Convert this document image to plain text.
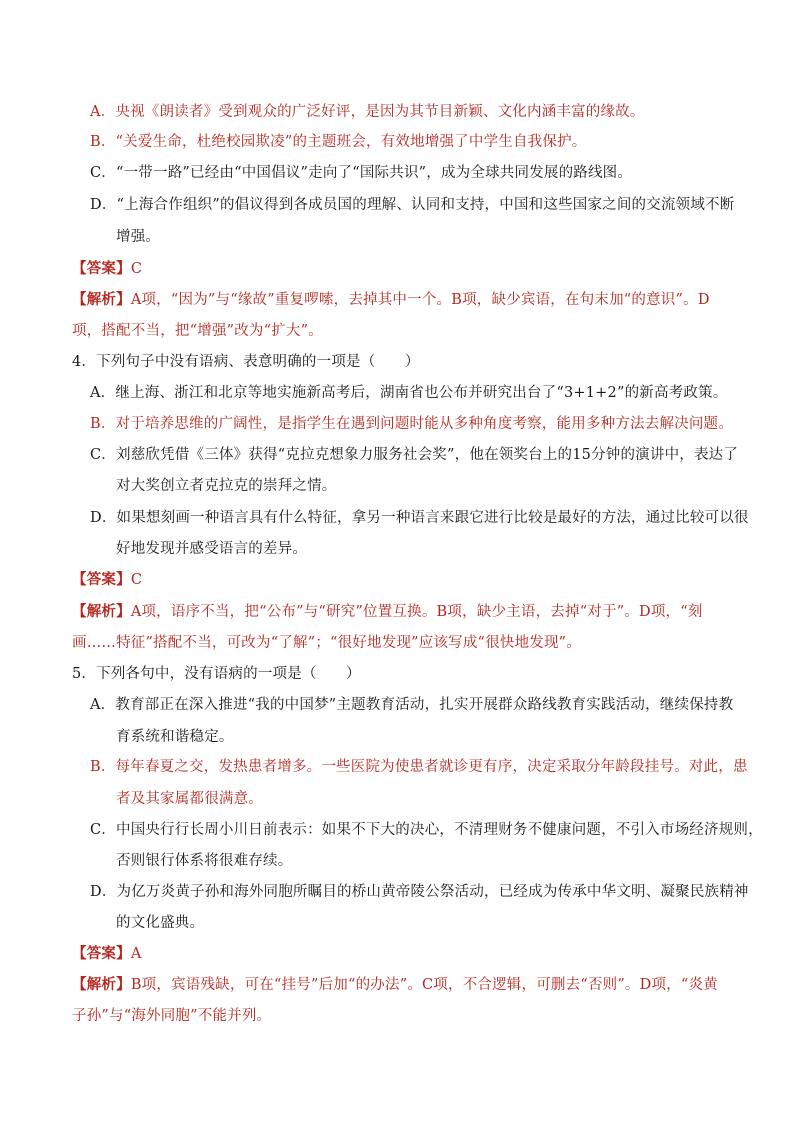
A．央视《朗读者》受到观众的广泛好评，是因为其节目新颖、文化内涵丰富的缘故。
B．“关爱生命，杜绝校园欺凌”的主题班会，有效地增强了中学生自我保护。
C．“一带一路”已经由“中国倡议”走向了“国际共识”，成为全球共同发展的路线图。
D．“上海合作组织”的倡议得到各成员国的理解、认同和支持，中国和这些国家之间的交流领域不断
增强。
【答案】C
【解析】A项，“因为”与“缘故”重复啰嗦，去掉其中一个。B项，缺少宾语，在句末加“的意识”。D
项，搭配不当，把“增强”改为“扩大”。
4．下列句子中没有语病、表意明确的一项是（　　）
A．继上海、浙江和北京等地实施新高考后，湖南省也公布并研究出台了“3+1+2”的新高考政策。
B．对于培养思维的广阔性，是指学生在遇到问题时能从多种角度考察，能用多种方法去解决问题。
C．刘慈欣凭借《三体》获得“克拉克想象力服务社会奖”，他在领奖台上的15分钟的演讲中，表达了
对大奖创立者克拉克的崇拜之情。
D．如果想刻画一种语言具有什么特征，拿另一种语言来跟它进行比较是最好的方法，通过比较可以很
好地发现并感受语言的差异。
【答案】C
【解析】A项，语序不当，把“公布”与“研究”位置互换。B项，缺少主语，去掉“对于”。D项，“刻
画……特征”搭配不当，可改为“了解”；“很好地发现”应该写成“很快地发现”。
5．下列各句中，没有语病的一项是（　　）
A．教育部正在深入推进“我的中国梦”主题教育活动，扎实开展群众路线教育实践活动，继续保持教
育系统和谐稳定。
B．每年春夏之交，发热患者增多。一些医院为使患者就诊更有序，决定采取分年龄段挂号。对此，患
者及其家属都很满意。
C．中国央行行长周小川日前表示：如果不下大的决心，不清理财务不健康问题，不引入市场经济规则，
否则银行体系将很难存续。
D．为亿万炎黄子孙和海外同胞所瞩目的桥山黄帝陵公祭活动，已经成为传承中华文明、凝聚民族精神
的文化盛典。
【答案】A
【解析】B项，宾语残缺，可在“挂号”后加“的办法”。C项，不合逻辑，可删去“否则”。D项，“炎黄
子孙”与“海外同胞”不能并列。
